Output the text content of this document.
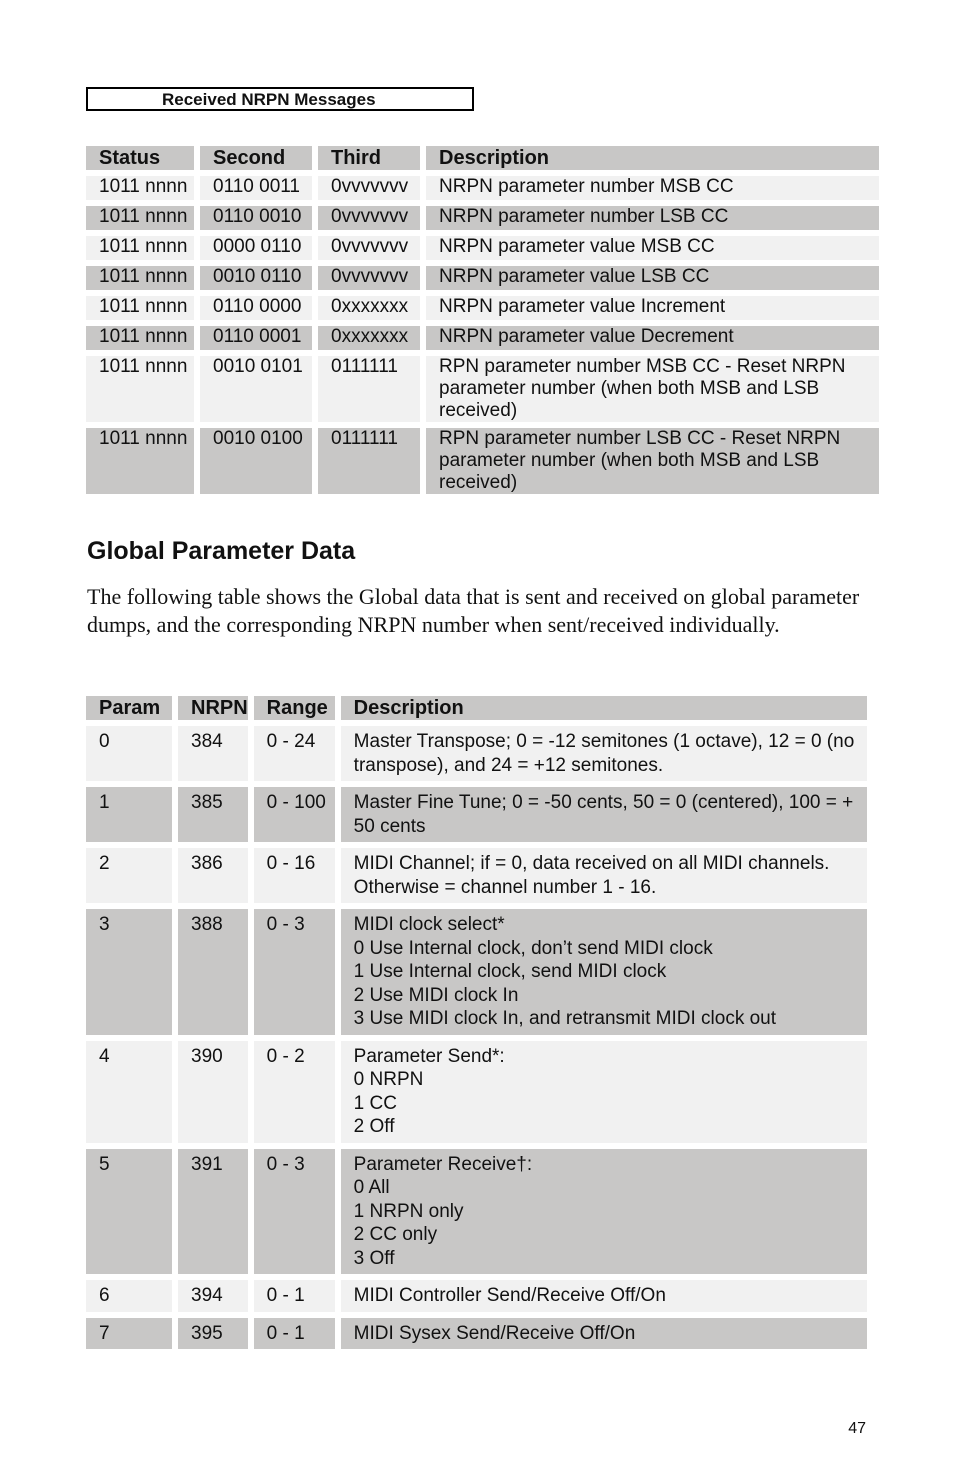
Received NRPN Messages
Status	Second	Third	Description
1011 nnnn	0110 0011	0vvvvvvv	NRPN parameter number MSB CC
1011 nnnn	0110 0010	0vvvvvvv	NRPN parameter number LSB CC
1011 nnnn	0000 0110	0vvvvvvv	NRPN parameter value MSB CC
1011 nnnn	0010 0110	0vvvvvvv	NRPN parameter value LSB CC
1011 nnnn	0110 0000	0xxxxxxx	NRPN parameter value Increment
1011 nnnn	0110 0001	0xxxxxxx	NRPN parameter value Decrement
1011 nnnn	0010 0101	0111111	RPN parameter number MSB CC - Reset NRPN parameter number (when both MSB and LSB received)
1011 nnnn	0010 0100	0111111	RPN parameter number LSB CC - Reset NRPN parameter number (when both MSB and LSB received)
Global Parameter Data

The following table shows the Global data that is sent and received on global parameter dumps, and the corresponding NRPN number when sent/received individually.

Param	NRPN	Range	Description
0	384	0 - 24	Master Transpose; 0 = -12 semitones (1 octave), 12 = 0 (no transpose), and 24 = +12 semitones.
1	385	0 - 100	Master Fine Tune; 0 = -50 cents, 50 = 0 (centered), 100 = + 50 cents
2	386	0 - 16	MIDI Channel; if = 0, data received on all MIDI channels. Otherwise = channel number 1 - 16.
3	388	0 - 3	MIDI clock select*
0 Use Internal clock, don’t send MIDI clock
1 Use Internal clock, send MIDI clock
2 Use MIDI clock In
3 Use MIDI clock In, and retransmit MIDI clock out
4	390	0 - 2	Parameter Send*:
0 NRPN
1 CC
2 Off
5	391	0 - 3	Parameter Receive†:
0 All
1 NRPN only
2 CC only
3 Off
6	394	0 - 1	MIDI Controller Send/Receive Off/On
7	395	0 - 1	MIDI Sysex Send/Receive Off/On
47
